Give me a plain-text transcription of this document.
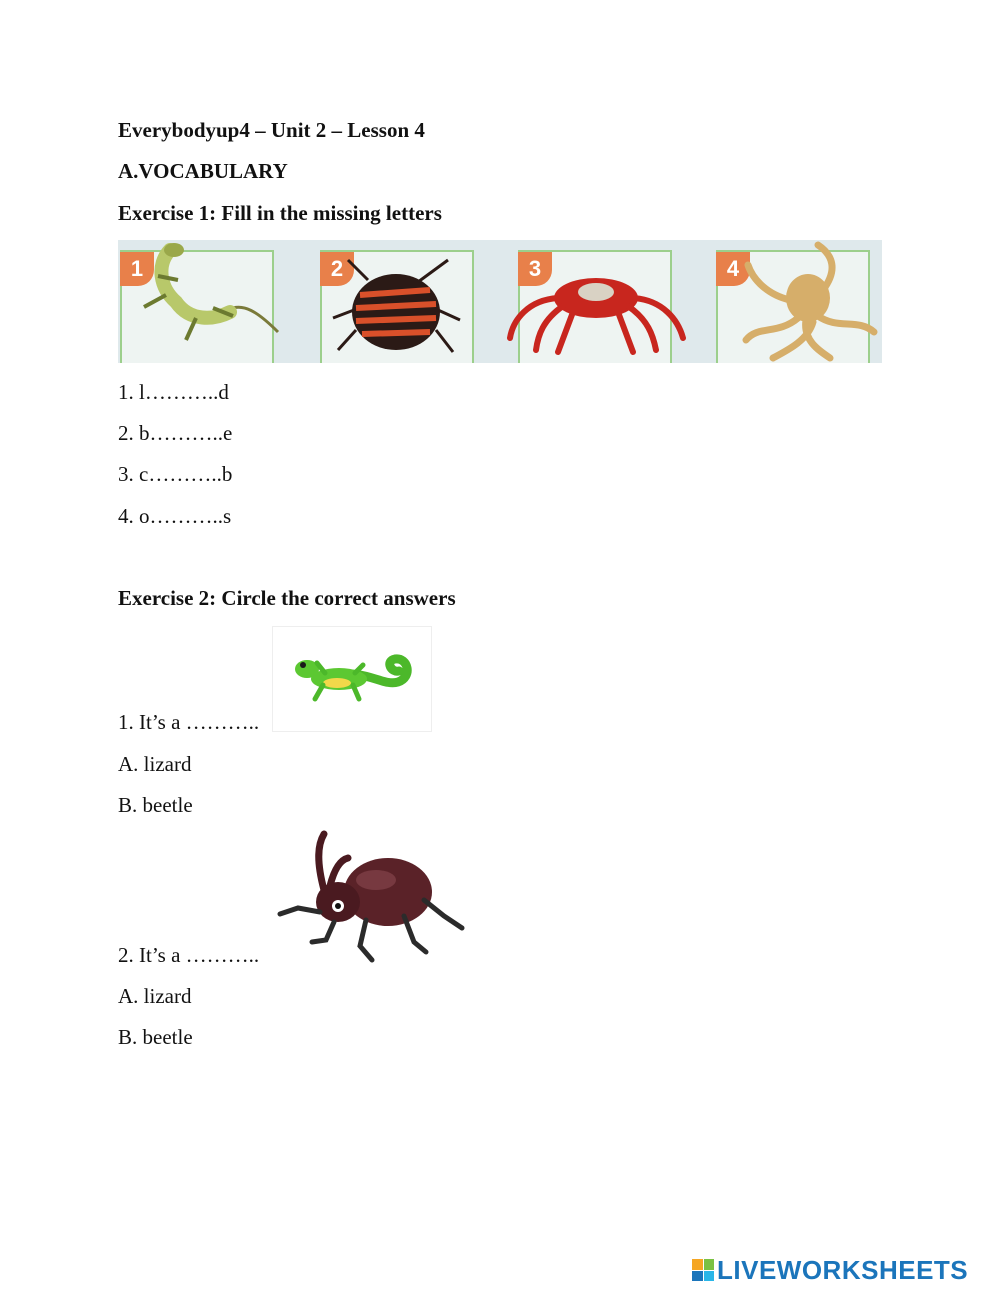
Everybodyup4 – Unit 2 – Lesson 4
A.VOCABULARY
Exercise 1: Fill in the missing letters
1	2	3	4
1. l………..d
2. b………..e
3. c………..b
4. o………..s
Exercise 2: Circle the correct answers
1. It’s a ………..
A. lizard
B. beetle
2. It’s a ………..
A. lizard
B. beetle
LIVEWORKSHEETS
